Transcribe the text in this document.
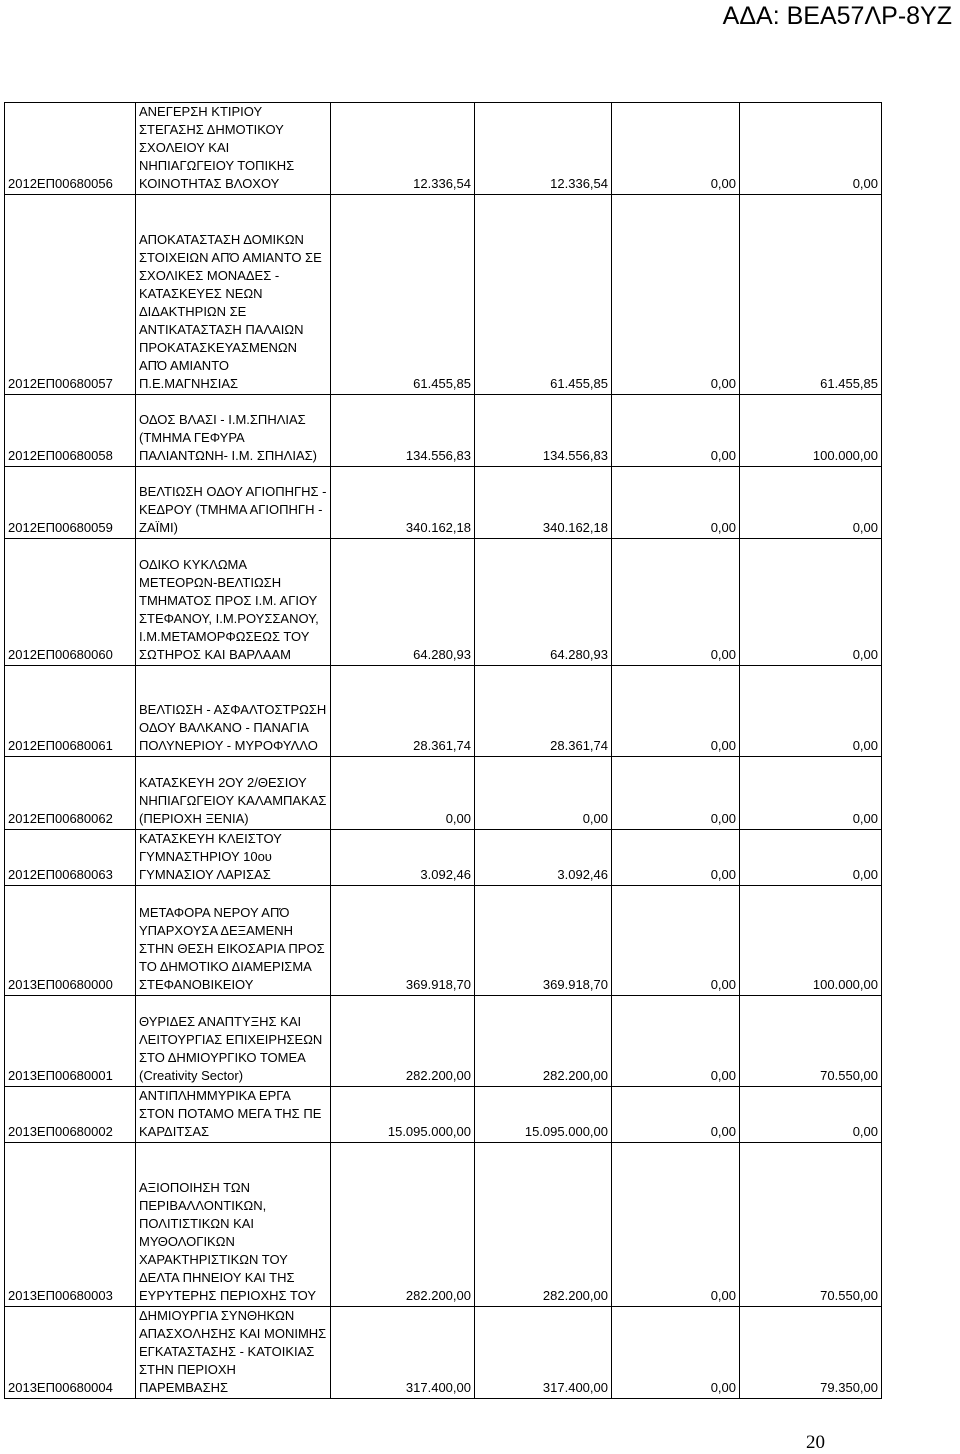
ΑΔΑ: ΒΕΑ57ΛΡ-8ΥΖ
2012ΕΠ00680056	ΑΝΕΓΕΡΣΗ ΚΤΙΡΙΟΥ ΣΤΕΓΑΣΗΣ ΔΗΜΟΤΙΚΟΥ ΣΧΟΛΕΙΟΥ ΚΑΙ ΝΗΠΙΑΓΩΓΕΙΟΥ ΤΟΠΙΚΗΣ ΚΟΙΝΟΤΗΤΑΣ ΒΛΟΧΟΥ	12.336,54	12.336,54	0,00	0,00
2012ΕΠ00680057	ΑΠΟΚΑΤΑΣΤΑΣΗ ΔΟΜΙΚΩΝ ΣΤΟΙΧΕΙΩΝ ΑΠΌ ΑΜΙΑΝΤΟ ΣΕ ΣΧΟΛΙΚΕΣ ΜΟΝΑΔΕΣ - ΚΑΤΑΣΚΕΥΕΣ ΝΕΩΝ ΔΙΔΑΚΤΗΡΙΩΝ ΣΕ ΑΝΤΙΚΑΤΑΣΤΑΣΗ ΠΑΛΑΙΩΝ ΠΡΟΚΑΤΑΣΚΕΥΑΣΜΕΝΩΝ ΑΠΌ ΑΜΙΑΝΤΟ Π.Ε.ΜΑΓΝΗΣΙΑΣ	61.455,85	61.455,85	0,00	61.455,85
2012ΕΠ00680058	ΟΔΟΣ ΒΛΑΣΙ - Ι.Μ.ΣΠΗΛΙΑΣ (ΤΜΗΜΑ ΓΕΦΥΡΑ ΠΑΛΙΑΝΤΩΝΗ- Ι.Μ. ΣΠΗΛΙΑΣ)	134.556,83	134.556,83	0,00	100.000,00
2012ΕΠ00680059	ΒΕΛΤΙΩΣΗ ΟΔΟΥ ΑΓΙΟΠΗΓΗΣ - ΚΕΔΡΟΥ (ΤΜΗΜΑ ΑΓΙΟΠΗΓΗ - ΖΑΪΜΙ)	340.162,18	340.162,18	0,00	0,00
2012ΕΠ00680060	ΟΔΙΚΟ ΚΥΚΛΩΜΑ ΜΕΤΕΟΡΩΝ-ΒΕΛΤΙΩΣΗ ΤΜΗΜΑΤΟΣ ΠΡΟΣ Ι.Μ. ΑΓΙΟΥ ΣΤΕΦΑΝΟΥ, Ι.Μ.ΡΟΥΣΣΑΝΟΥ, Ι.Μ.ΜΕΤΑΜΟΡΦΩΣΕΩΣ ΤΟΥ ΣΩΤΗΡΟΣ ΚΑΙ ΒΑΡΛΑΑΜ	64.280,93	64.280,93	0,00	0,00
2012ΕΠ00680061	ΒΕΛΤΙΩΣΗ - ΑΣΦΑΛΤΟΣΤΡΩΣΗ ΟΔΟΥ ΒΑΛΚΑΝΟ - ΠΑΝΑΓΙΑ ΠΟΛΥΝΕΡΙΟΥ - ΜΥΡΟΦΥΛΛΟ	28.361,74	28.361,74	0,00	0,00
2012ΕΠ00680062	ΚΑΤΑΣΚΕΥΗ 2ΟΥ 2/ΘΕΣΙΟΥ ΝΗΠΙΑΓΩΓΕΙΟΥ ΚΑΛΑΜΠΑΚΑΣ (ΠΕΡΙΟΧΗ ΞΕΝΙΑ)	0,00	0,00	0,00	0,00
2012ΕΠ00680063	ΚΑΤΑΣΚΕΥΗ ΚΛΕΙΣΤΟΥ ΓΥΜΝΑΣΤΗΡΙΟΥ 10ου ΓΥΜΝΑΣΙΟΥ ΛΑΡΙΣΑΣ	3.092,46	3.092,46	0,00	0,00
2013ΕΠ00680000	ΜΕΤΑΦΟΡΑ ΝΕΡΟΥ ΑΠΌ ΥΠΑΡΧΟΥΣΑ ΔΕΞΑΜΕΝΗ ΣΤΗΝ ΘΕΣΗ ΕΙΚΟΣΑΡΙΑ ΠΡΟΣ ΤΟ ΔΗΜΟΤΙΚΟ ΔΙΑΜΕΡΙΣΜΑ ΣΤΕΦΑΝΟΒΙΚΕΙΟΥ	369.918,70	369.918,70	0,00	100.000,00
2013ΕΠ00680001	ΘΥΡΙΔΕΣ ΑΝΑΠΤΥΞΗΣ ΚΑΙ ΛΕΙΤΟΥΡΓΙΑΣ ΕΠΙΧΕΙΡΗΣΕΩΝ ΣΤΟ ΔΗΜΙΟΥΡΓΙΚΟ ΤΟΜΕΑ (Creativity Sector)	282.200,00	282.200,00	0,00	70.550,00
2013ΕΠ00680002	ΑΝΤΙΠΛΗΜΜΥΡΙΚΑ ΕΡΓΑ ΣΤΟΝ ΠΟΤΑΜΟ ΜΕΓΑ ΤΗΣ ΠΕ ΚΑΡΔΙΤΣΑΣ	15.095.000,00	15.095.000,00	0,00	0,00
2013ΕΠ00680003	ΑΞΙΟΠΟΙΗΣΗ ΤΩΝ ΠΕΡΙΒΑΛΛΟΝΤΙΚΩΝ, ΠΟΛΙΤΙΣΤΙΚΩΝ ΚΑΙ ΜΥΘΟΛΟΓΙΚΩΝ ΧΑΡΑΚΤΗΡΙΣΤΙΚΩΝ ΤΟΥ ΔΕΛΤΑ ΠΗΝΕΙΟΥ ΚΑΙ ΤΗΣ ΕΥΡΥΤΕΡΗΣ ΠΕΡΙΟΧΗΣ ΤΟΥ	282.200,00	282.200,00	0,00	70.550,00
2013ΕΠ00680004	ΔΗΜΙΟΥΡΓΙΑ ΣΥΝΘΗΚΩΝ ΑΠΑΣΧΟΛΗΣΗΣ ΚΑΙ ΜΟΝΙΜΗΣ ΕΓΚΑΤΑΣΤΑΣΗΣ - ΚΑΤΟΙΚΙΑΣ ΣΤΗΝ ΠΕΡΙΟΧΗ ΠΑΡΕΜΒΑΣΗΣ	317.400,00	317.400,00	0,00	79.350,00
20
